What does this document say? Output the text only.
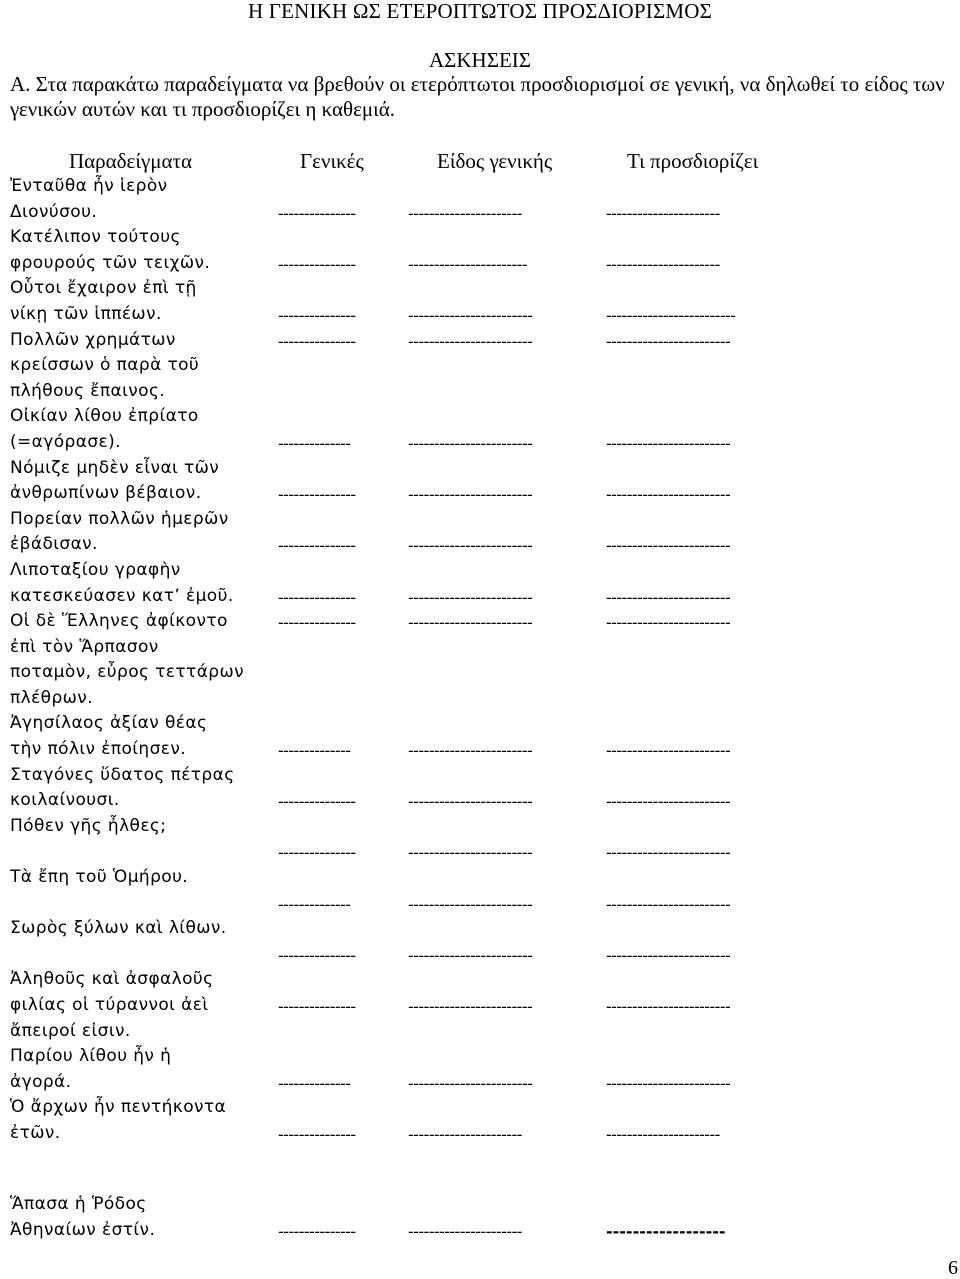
Η ΓΕΝΙΚΗ ΩΣ ΕΤΕΡΟΠΤΩΤΟΣ ΠΡΟΣΔΙΟΡΙΣΜΟΣ
ΑΣΚΗΣΕΙΣ
A. Στα παρακάτω παραδείγματα να βρεθούν οι ετερόπτωτοι προσδιορισμοί σε γενική, να δηλωθεί το είδος των γενικών αυτών και τι προσδιορίζει η καθεμιά.
Παραδείγματα	Γενικές	Είδος γενικής	Τι προσδιορίζει
Ἐνταῦθα ἦν ἱερὸν
Διονύσου.	---------------	----------------------	----------------------
Κατέλιπον τούτους
φρουρούς τῶν τειχῶν.	---------------	-----------------------	----------------------
Οὗτοι ἔχαιρον ἐπὶ τῇ
νίκῃ τῶν ἱππέων.	---------------	------------------------	-------------------------
Πολλῶν χρημάτων
κρείσσων ὁ παρὰ τοῦ
πλήθους ἔπαινος.
---------------	------------------------	------------------------
Οἰκίαν λίθου ἐπρίατο
(=αγόρασε).	--------------	------------------------	------------------------
Νόμιζε μηδὲν εἶναι τῶν
ἀνθρωπίνων βέβαιον.	---------------	------------------------	------------------------
Πορείαν πολλῶν ἡμερῶν
ἐβάδισαν.	---------------	------------------------	------------------------
Λιποταξίου γραφὴν
κατεσκεύασεν κατ’ ἐμοῦ.	---------------	------------------------	------------------------
Οἱ δὲ Ἕλληνες ἀφίκοντο
ἐπὶ τὸν Ἅρπασον
ποταμὸν, εὖρος τεττάρων
πλέθρων.
---------------	------------------------	------------------------
Ἀγησίλαος ἀξίαν θέας
τὴν πόλιν ἐποίησεν.	--------------	------------------------	------------------------
Σταγόνες ὕδατος πέτρας
κοιλαίνουσι.	---------------	------------------------	------------------------
Πόθεν γῆς ἦλθες;
---------------	------------------------	------------------------
Τὰ ἔπη τοῦ Ὁμήρου.
--------------	------------------------	------------------------
Σωρὸς ξύλων καὶ λίθων.
---------------	------------------------	------------------------
Ἀληθοῦς καὶ ἀσφαλοῦς
φιλίας οἱ τύραννοι ἀεὶ
ἄπειροί εἰσιν.
---------------	------------------------	------------------------
Παρίου λίθου ἦν ἡ
ἀγορά.	--------------	------------------------	------------------------
Ὁ ἄρχων ἦν πεντήκοντα
ἐτῶν.	---------------	----------------------	----------------------
Ἅπασα ἡ Ῥόδος
Ἀθηναίων ἐστίν.	---------------	----------------------	------------------
6
